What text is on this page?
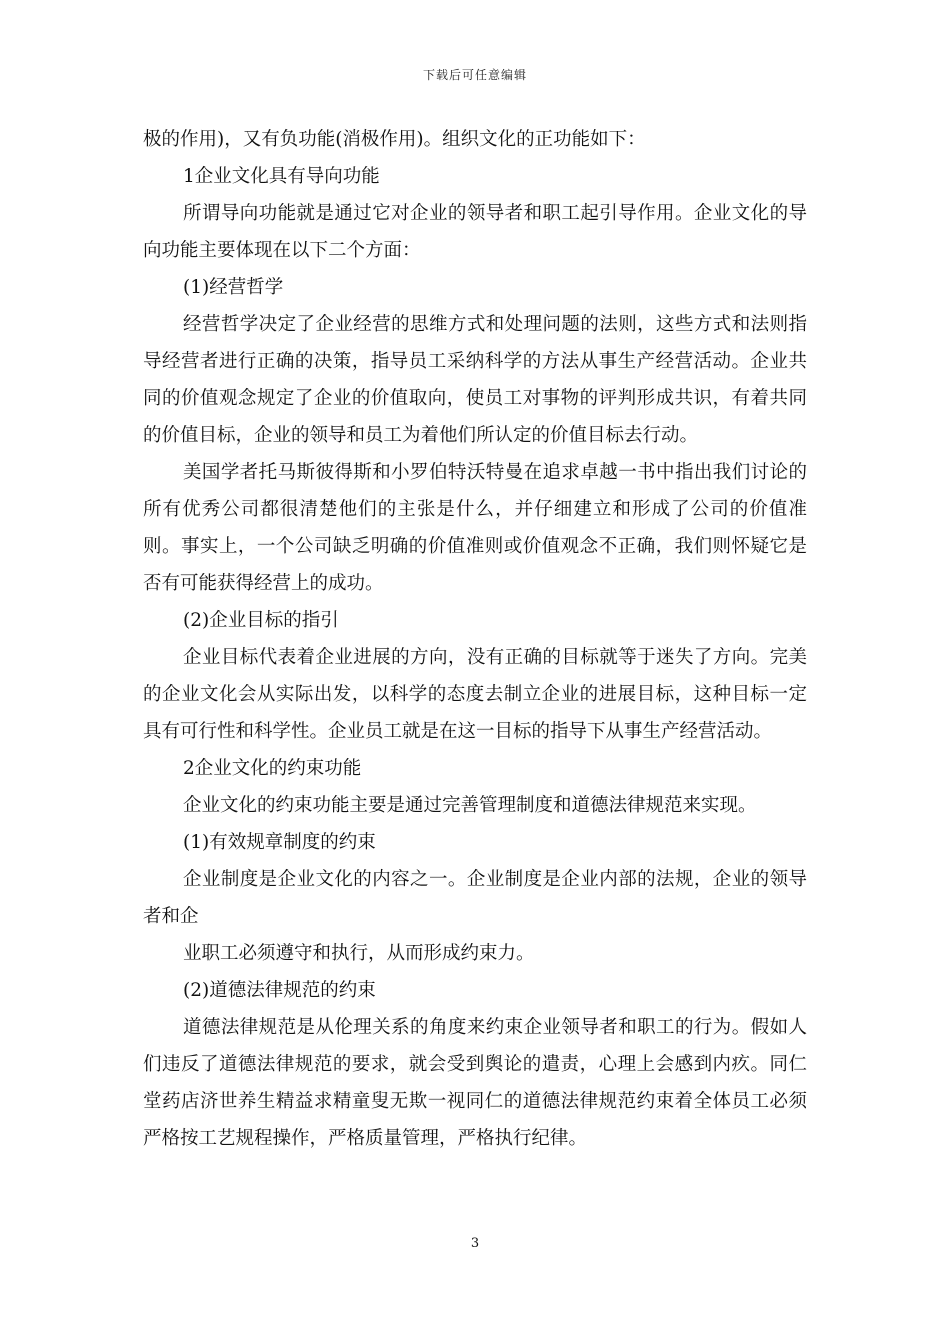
下载后可任意编辑

极的作用)，又有负功能(消极作用)。组织文化的正功能如下：

1企业文化具有导向功能

所谓导向功能就是通过它对企业的领导者和职工起引导作用。企业文化的导向功能主要体现在以下二个方面：

(1)经营哲学

经营哲学决定了企业经营的思维方式和处理问题的法则，这些方式和法则指导经营者进行正确的决策，指导员工采纳科学的方法从事生产经营活动。企业共同的价值观念规定了企业的价值取向，使员工对事物的评判形成共识，有着共同的价值目标，企业的领导和员工为着他们所认定的价值目标去行动。

美国学者托马斯彼得斯和小罗伯特沃特曼在追求卓越一书中指出我们讨论的所有优秀公司都很清楚他们的主张是什么，并仔细建立和形成了公司的价值准则。事实上，一个公司缺乏明确的价值准则或价值观念不正确，我们则怀疑它是否有可能获得经营上的成功。

(2)企业目标的指引

企业目标代表着企业进展的方向，没有正确的目标就等于迷失了方向。完美的企业文化会从实际出发，以科学的态度去制立企业的进展目标，这种目标一定具有可行性和科学性。企业员工就是在这一目标的指导下从事生产经营活动。

2企业文化的约束功能

企业文化的约束功能主要是通过完善管理制度和道德法律规范来实现。

(1)有效规章制度的约束

企业制度是企业文化的内容之一。企业制度是企业内部的法规，企业的领导者和企

业职工必须遵守和执行，从而形成约束力。

(2)道德法律规范的约束

道德法律规范是从伦理关系的角度来约束企业领导者和职工的行为。假如人们违反了道德法律规范的要求，就会受到舆论的遣责，心理上会感到内疚。同仁堂药店济世养生精益求精童叟无欺一视同仁的道德法律规范约束着全体员工必须严格按工艺规程操作，严格质量管理，严格执行纪律。

3
